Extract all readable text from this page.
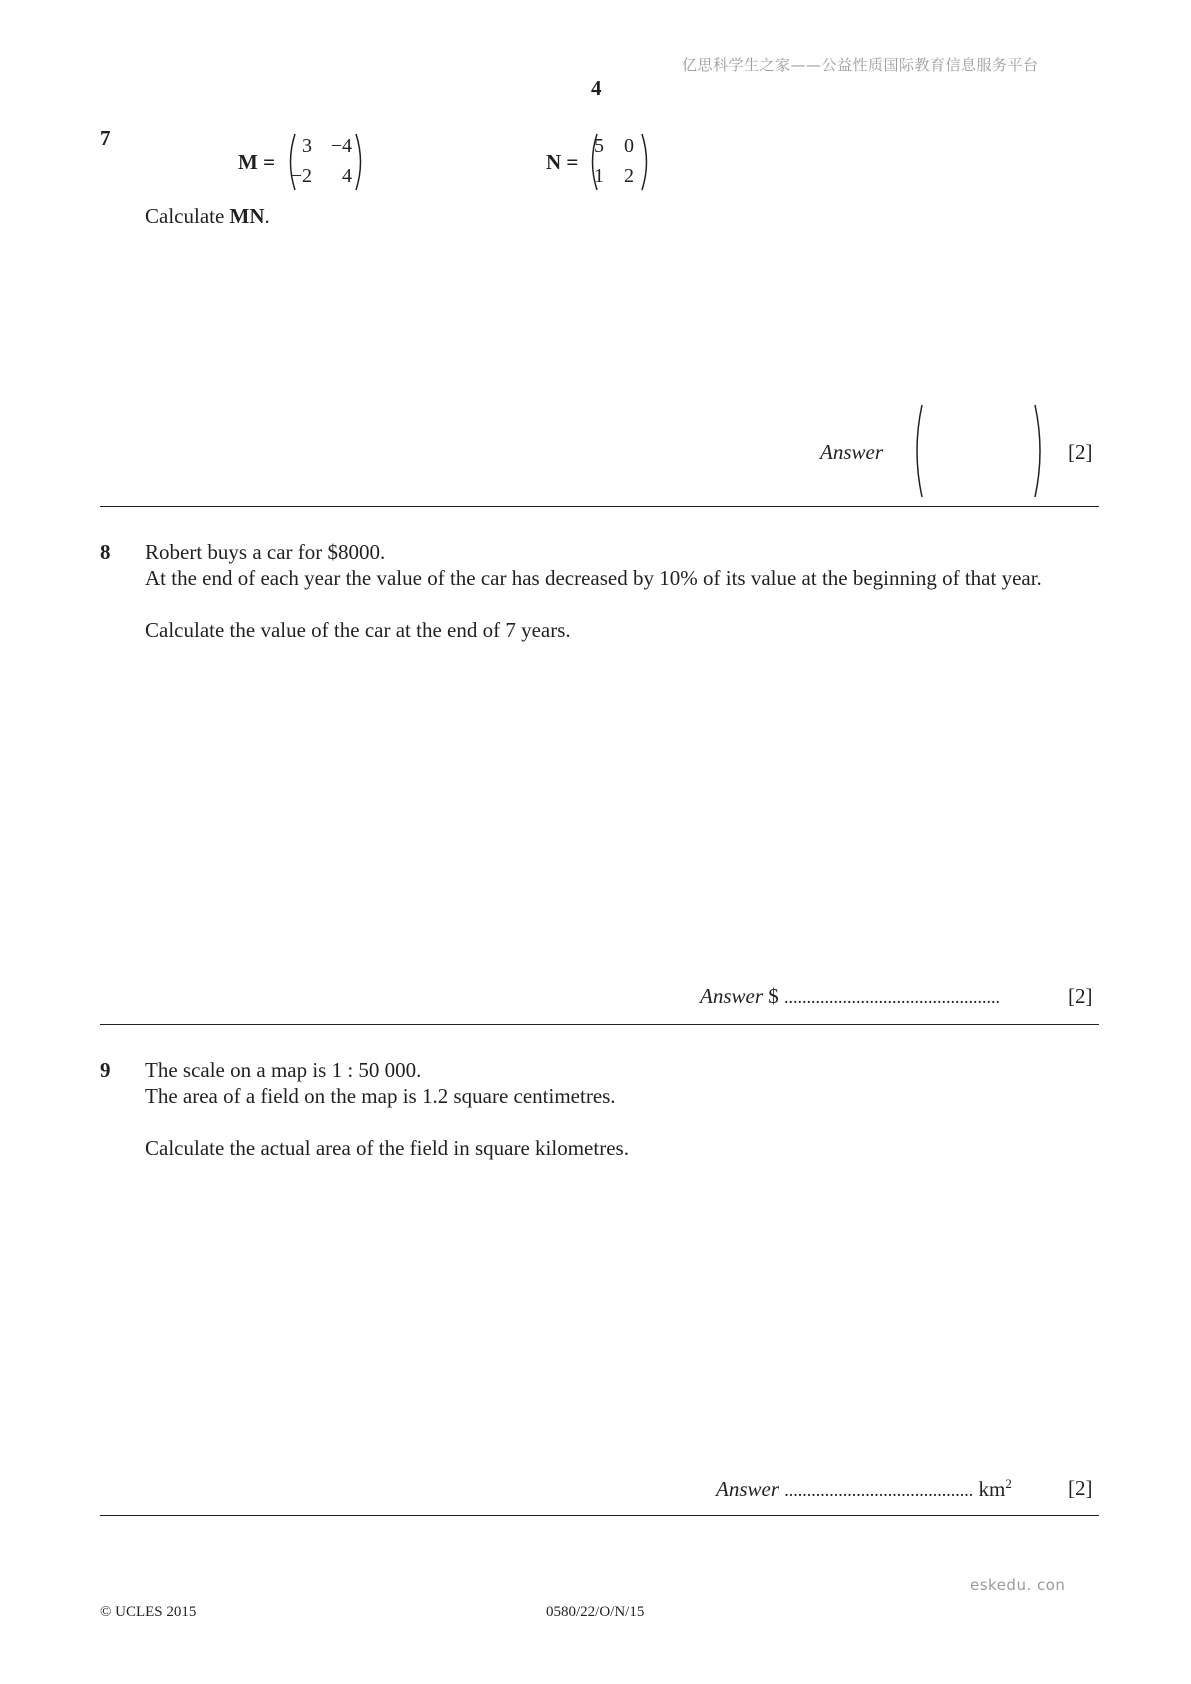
亿思科学生之家——公益性质国际教育信息服务平台
4
7
M =
3 −4
−2	4
N =
5	0
1	2
Calculate MN.
Answer	[2]
8 Robert buys a car for $8000.
At the end of each year the value of the car has decreased by 10% of its value at the beginning of that year.
Calculate the value of the car at the end of 7 years.
Answer $ ................................................	[2]
9 The scale on a map is 1 : 50 000.
The area of a field on the map is 1.2 square centimetres.
Calculate the actual area of the field in square kilometres.
Answer .......................................... $km^2$	[2]
eskedu. con
© UCLES 2015	0580/22/O/N/15
